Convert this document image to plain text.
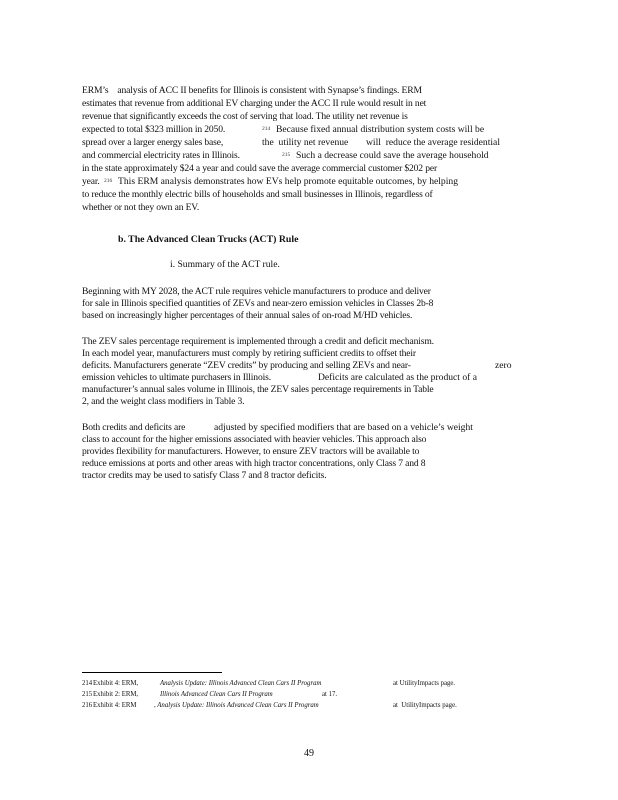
ERM’s    analysis of ACC II benefits for Illinois is consistent with Synapse’s findings. ERM
estimates that revenue from additional EV charging under the ACC II rule would result in net
revenue that significantly exceeds the cost of serving that load. The utility net revenue is
expected to total $323 million in 2050.	214 Because fixed annual distribution system costs will be
spread over a larger energy sales base,	the  utility net revenue will  reduce the average residential
and commercial electricity rates in Illinois.	215 Such a decrease could save the average household
in the state approximately $24 a year and could save the average commercial customer $202 per
year. 216 This ERM analysis demonstrates how EVs help promote equitable outcomes, by helping
to reduce the monthly electric bills of households and small businesses in Illinois, regardless of
whether or not they own an EV.
b. The Advanced Clean Trucks (ACT) Rule
i. Summary of the ACT rule.
Beginning with MY 2028, the ACT rule requires vehicle manufacturers to produce and deliver
for sale in Illinois specified quantities of ZEVs and near-zero emission vehicles in Classes 2b-8
based on increasingly higher percentages of their annual sales of on-road M/HD vehicles.
The ZEV sales percentage requirement is implemented through a credit and deficit mechanism.
In each model year, manufacturers must comply by retiring sufficient credits to offset their
deficits. Manufacturers generate “ZEV credits” by producing and selling ZEVs and near-	zero
emission vehicles to ultimate purchasers in Illinois.	Deficits are calculated as the product of a
manufacturer’s annual sales volume in Illinois, the ZEV sales percentage requirements in Table
2, and the weight class modifiers in Table 3.
Both credits and deficits are	adjusted by specified modifiers that are based on a vehicle’s weight
class to account for the higher emissions associated with heavier vehicles. This approach also
provides flexibility for manufacturers. However, to ensure ZEV tractors will be available to
reduce emissions at ports and other areas with high tractor concentrations, only Class 7 and 8
tractor credits may be used to satisfy Class 7 and 8 tractor deficits.
214 Exhibit 4: ERM,	Analysis Update: Illinois Advanced Clean Cars II Program	at UtilityImpacts page.
215 Exhibit 2: ERM,	Illinois Advanced Clean Cars II Program	at 17.
216 Exhibit 4: ERM	, Analysis Update: Illinois Advanced Clean Cars II Program	at  UtilityImpacts page.
49
